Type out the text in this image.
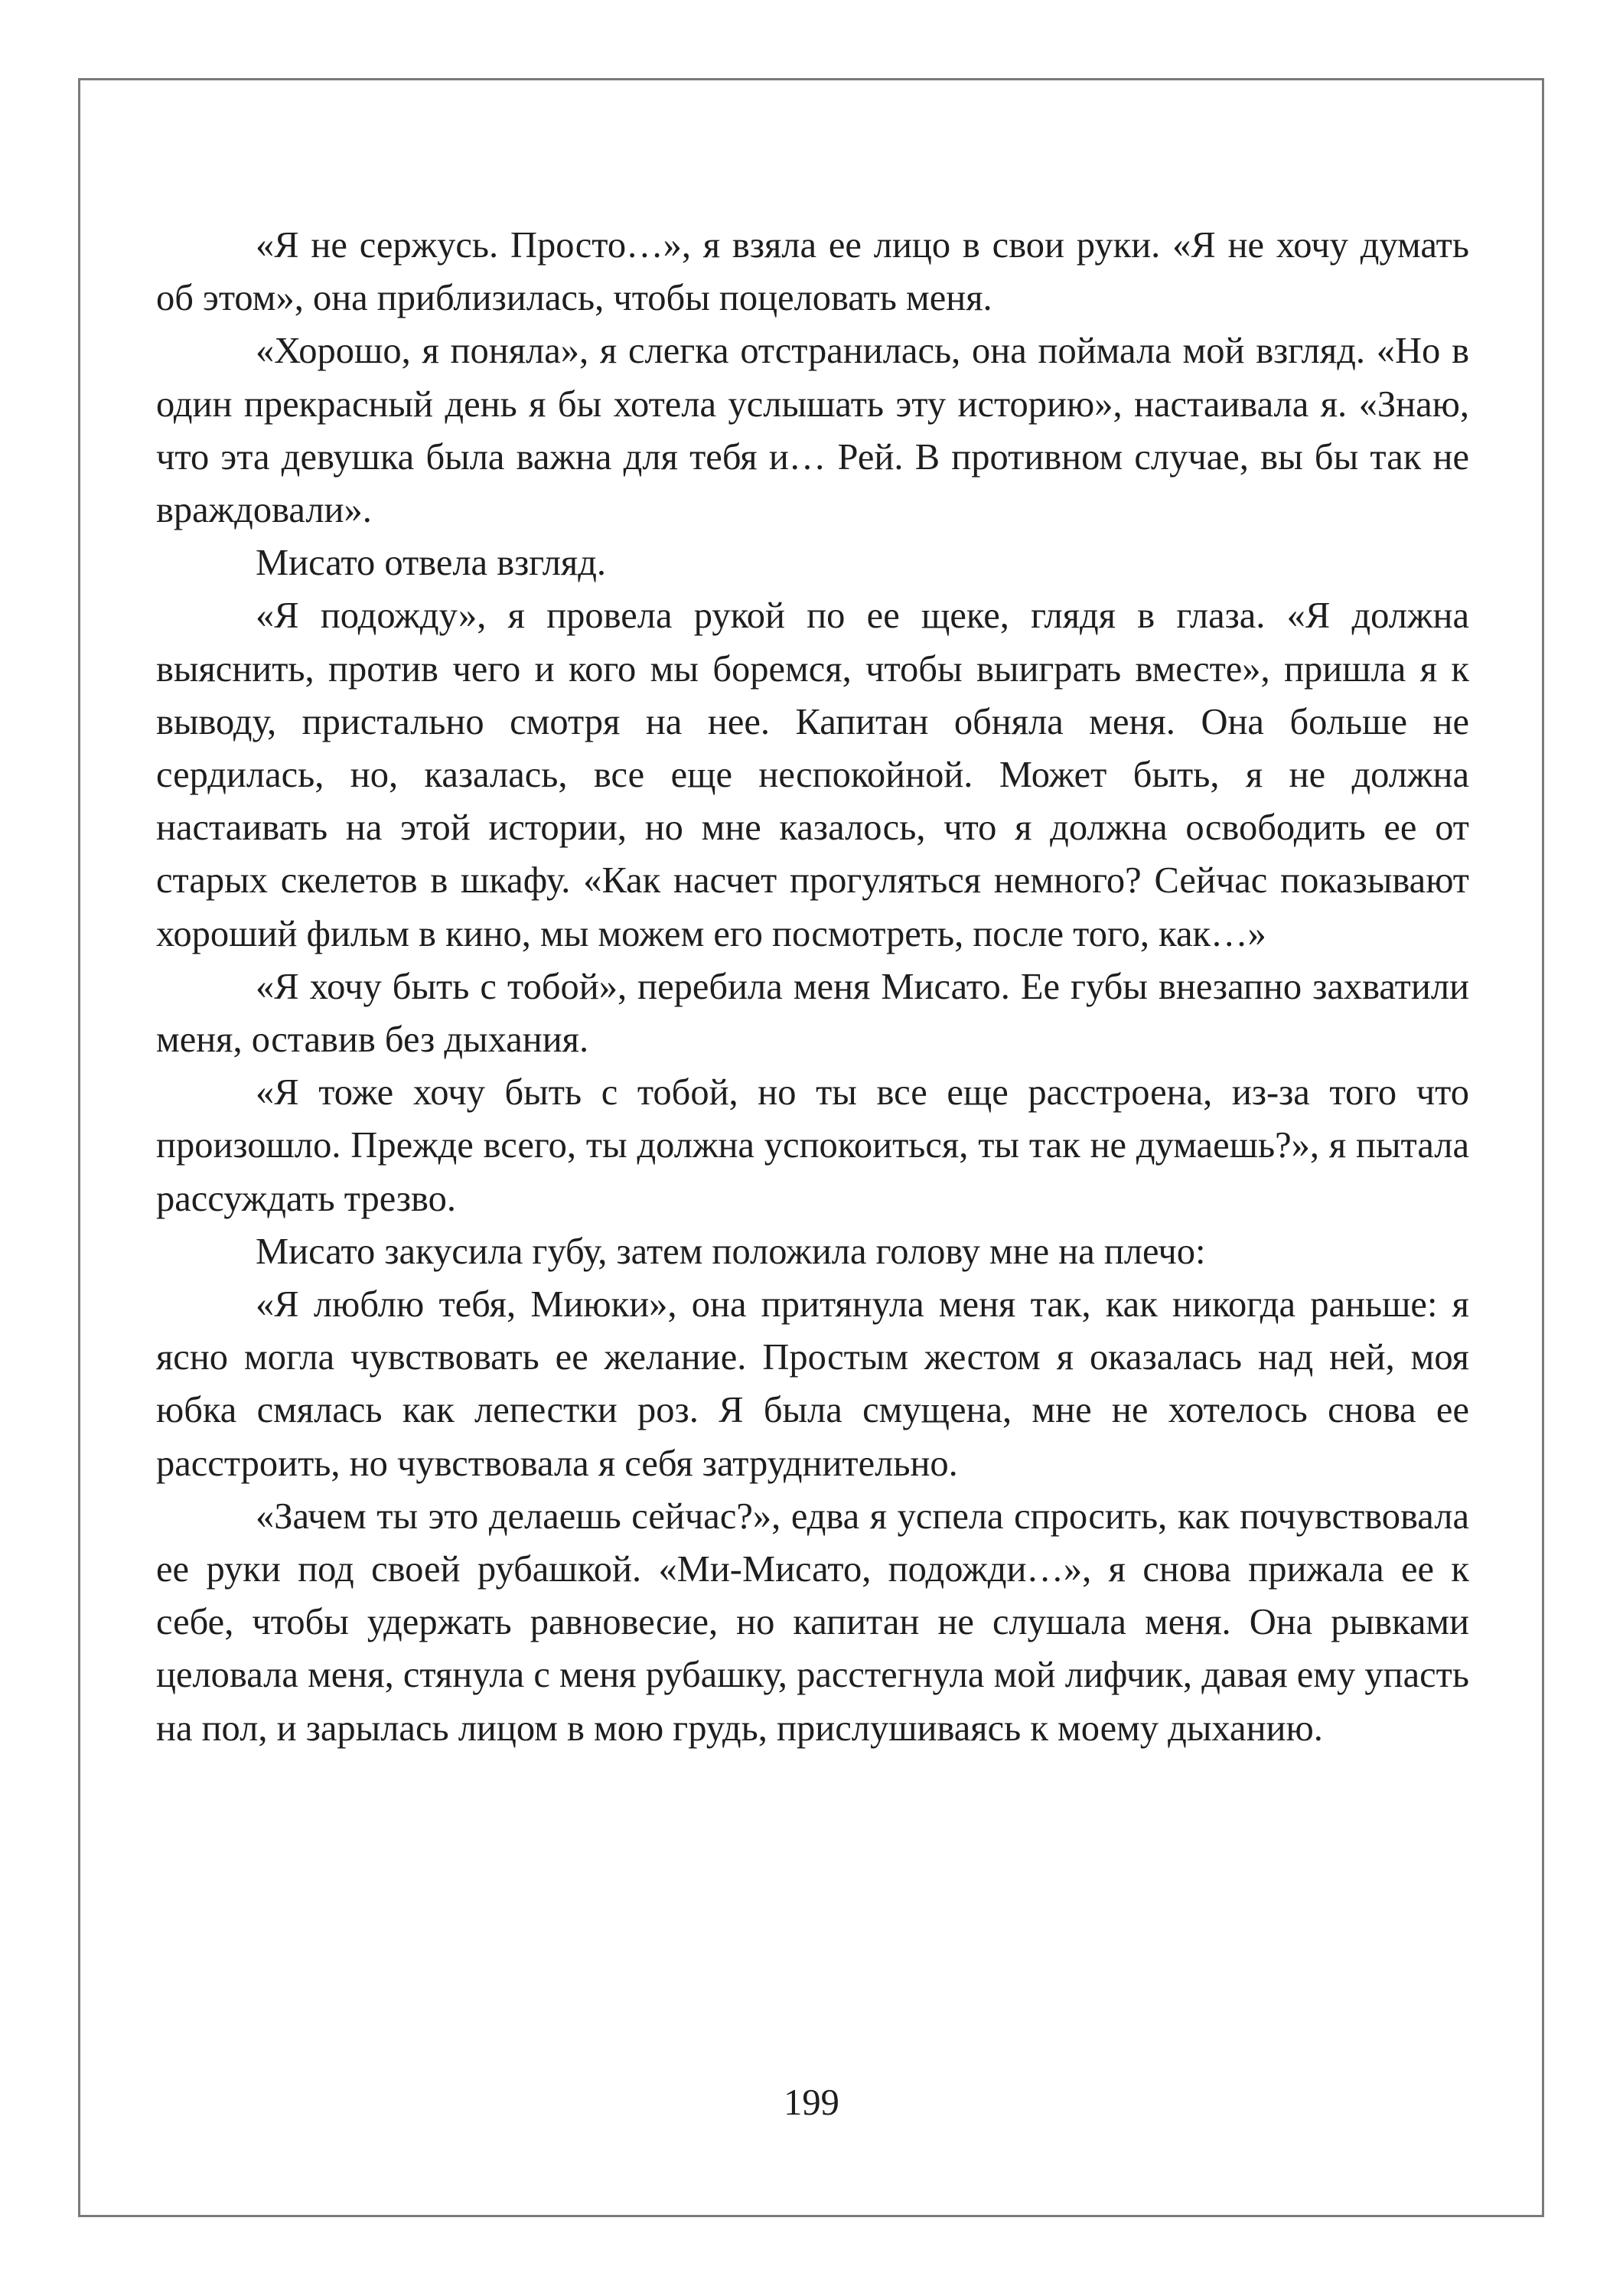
«Я не сержусь. Просто…», я взяла ее лицо в свои руки. «Я не хочу думать об этом», она приблизилась, чтобы поцеловать меня.

«Хорошо, я поняла», я слегка отстранилась, она поймала мой взгляд. «Но в один прекрасный день я бы хотела услышать эту историю», настаивала я. «Знаю, что эта девушка была важна для тебя и… Рей. В противном случае, вы бы так не враждовали».

Мисато отвела взгляд.

«Я подожду», я провела рукой по ее щеке, глядя в глаза. «Я должна выяснить, против чего и кого мы боремся, чтобы выиграть вместе», пришла я к выводу, пристально смотря на нее. Капитан обняла меня. Она больше не сердилась, но, казалась, все еще неспокойной. Может быть, я не должна настаивать на этой истории, но мне казалось, что я должна освободить ее от старых скелетов в шкафу. «Как насчет прогуляться немного? Сейчас показывают хороший фильм в кино, мы можем его посмотреть, после того, как…»

«Я хочу быть с тобой», перебила меня Мисато. Ее губы внезапно захватили меня, оставив без дыхания.

«Я тоже хочу быть с тобой, но ты все еще расстроена, из-за того что произошло. Прежде всего, ты должна успокоиться, ты так не думаешь?», я пытала рассуждать трезво.

Мисато закусила губу, затем положила голову мне на плечо:

«Я люблю тебя, Миюки», она притянула меня так, как никогда раньше: я ясно могла чувствовать ее желание. Простым жестом я оказалась над ней, моя юбка смялась как лепестки роз. Я была смущена, мне не хотелось снова ее расстроить, но чувствовала я себя затруднительно.

«Зачем ты это делаешь сейчас?», едва я успела спросить, как почувствовала ее руки под своей рубашкой. «Ми-Мисато, подожди…», я снова прижала ее к себе, чтобы удержать равновесие, но капитан не слушала меня. Она рывками целовала меня, стянула с меня рубашку, расстегнула мой лифчик, давая ему упасть на пол, и зарылась лицом в мою грудь, прислушиваясь к моему дыханию.

199
